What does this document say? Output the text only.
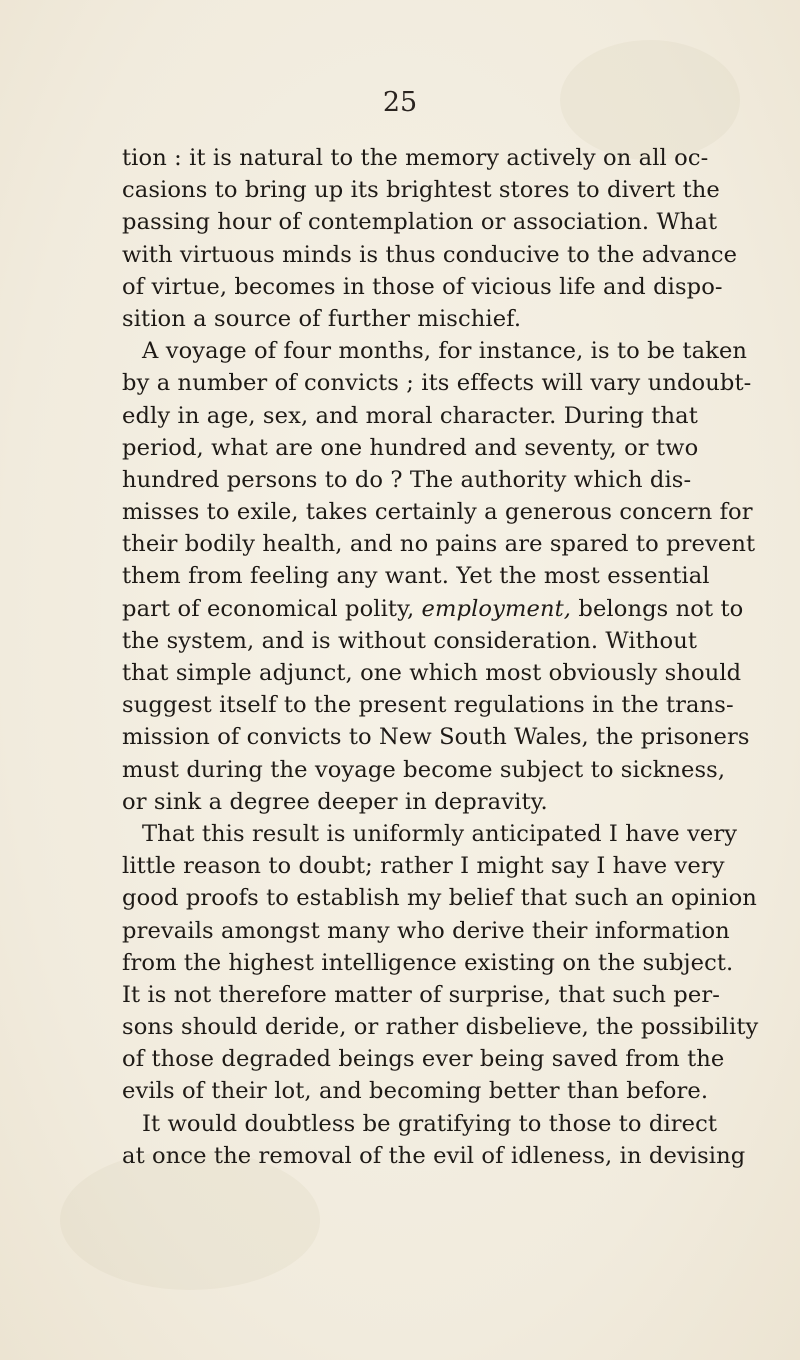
25
tion : it is natural to the memory actively on all oc-
casions to bring up its brightest stores to divert the
passing hour of contemplation or association. What
with virtuous minds is thus conducive to the advance
of virtue, becomes in those of vicious life and dispo-
sition a source of further mischief.
A voyage of four months, for instance, is to be taken
by a number of convicts ; its effects will vary undoubt-
edly in age, sex, and moral character. During that
period, what are one hundred and seventy, or two
hundred persons to do ? The authority which dis-
misses to exile, takes certainly a generous concern for
their bodily health, and no pains are spared to prevent
them from feeling any want. Yet the most essential
part of economical polity, employment, belongs not to
the system, and is without consideration. Without
that simple adjunct, one which most obviously should
suggest itself to the present regulations in the trans-
mission of convicts to New South Wales, the prisoners
must during the voyage become subject to sickness,
or sink a degree deeper in depravity.
That this result is uniformly anticipated I have very
little reason to doubt; rather I might say I have very
good proofs to establish my belief that such an opinion
prevails amongst many who derive their information
from the highest intelligence existing on the subject.
It is not therefore matter of surprise, that such per-
sons should deride, or rather disbelieve, the possibility
of those degraded beings ever being saved from the
evils of their lot, and becoming better than before.
It would doubtless be gratifying to those to direct
at once the removal of the evil of idleness, in devising
